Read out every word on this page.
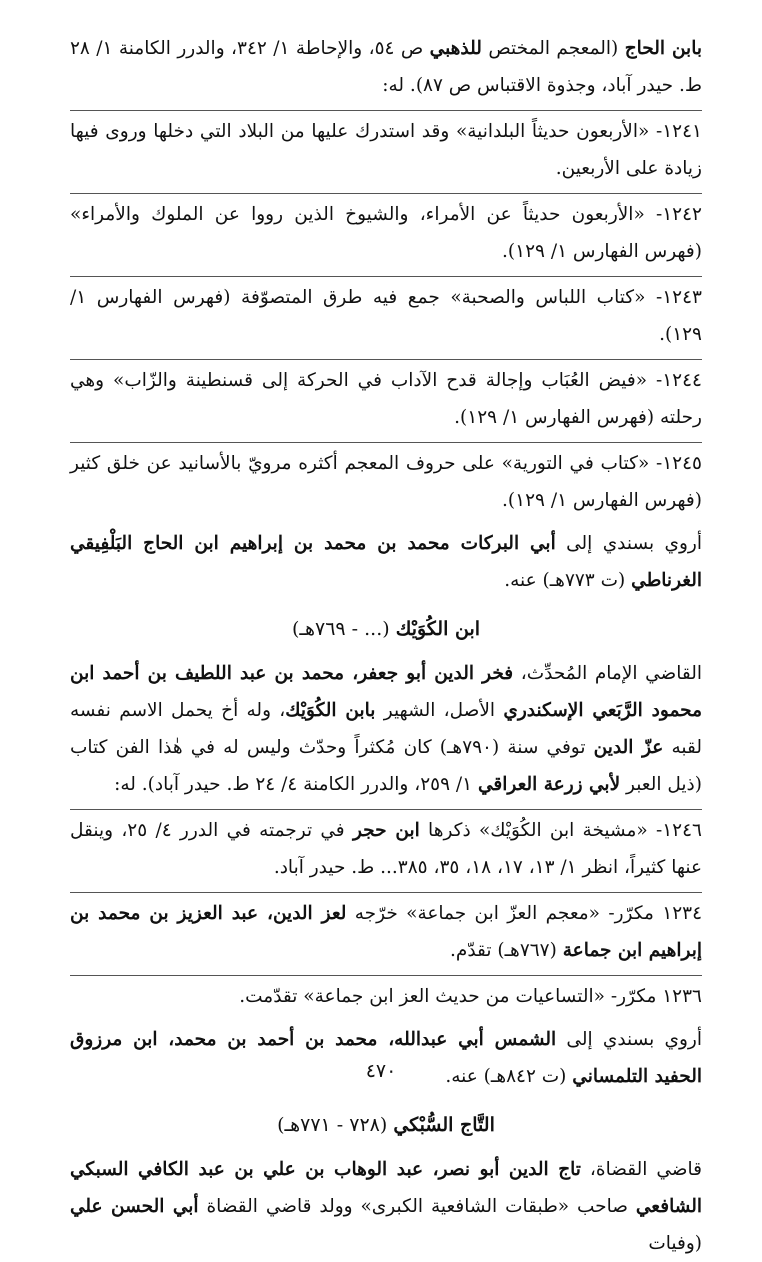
بابن الحاج (المعجم المختص للذهبي ص ٥٤، والإحاطة ١/ ٣٤٢، والدرر الكامنة ١/ ٢٨ ط. حيدر آباد، وجذوة الاقتباس ص ٨٧). له:

١٢٤١- «الأربعون حديثاً البلدانية» وقد استدرك عليها من البلاد التي دخلها وروى فيها زيادة على الأربعين.

١٢٤٢- «الأربعون حديثاً عن الأمراء، والشيوخ الذين رووا عن الملوك والأمراء» (فهرس الفهارس ١/ ١٢٩).

١٢٤٣- «كتاب اللباس والصحبة» جمع فيه طرق المتصوّفة (فهرس الفهارس ١/ ١٢٩).

١٢٤٤- «فيض العُبَاب وإجالة قدح الآداب في الحركة إلى قسنطينة والزّاب» وهي رحلته (فهرس الفهارس ١/ ١٢٩).

١٢٤٥- «كتاب في التورية» على حروف المعجم أكثره مرويّ بالأسانيد عن خلق كثير (فهرس الفهارس ١/ ١٢٩).

أروي بسندي إلى أبي البركات محمد بن محمد بن إبراهيم ابن الحاج البَلْفِيقي الغرناطي (ت ٧٧٣هـ) عنه.

ابن الكُوَيْك (... - ٧٦٩هـ)

القاضي الإمام المُحدِّث، فخر الدين أبو جعفر، محمد بن عبد اللطيف بن أحمد ابن محمود الرَّبَعي الإسكندري الأصل، الشهير بابن الكُوَيْك، وله أخ يحمل الاسم نفسه لقبه عزّ الدين توفي سنة (٧٩٠هـ) كان مُكثراً وحدّث وليس له في هٰذا الفن كتاب (ذيل العبر لأبي زرعة العراقي ١/ ٢٥٩، والدرر الكامنة ٤/ ٢٤ ط. حيدر آباد). له:

١٢٤٦- «مشيخة ابن الكُوَيْك» ذكرها ابن حجر في ترجمته في الدرر ٤/ ٢٥، وينقل عنها كثيراً، انظر ١/ ١٣، ١٧، ١٨، ٣٥، ٣٨٥... ط. حيدر آباد.

١٢٣٤ مكرّر- «معجم العزّ ابن جماعة» خرّجه لعز الدين، عبد العزيز بن محمد بن إبراهيم ابن جماعة (٧٦٧هـ) تقدّم.

١٢٣٦ مكرّر- «التساعيات من حديث العز ابن جماعة» تقدّمت.

أروي بسندي إلى الشمس أبي عبدالله، محمد بن أحمد بن محمد، ابن مرزوق الحفيد التلمساني (ت ٨٤٢هـ) عنه.

التَّاج السُّبْكي (٧٢٨ - ٧٧١هـ)

قاضي القضاة، تاج الدين أبو نصر، عبد الوهاب بن علي بن عبد الكافي السبكي الشافعي صاحب «طبقات الشافعية الكبرى» وولد قاضي القضاة أبي الحسن علي (وفيات

٤٧٠
